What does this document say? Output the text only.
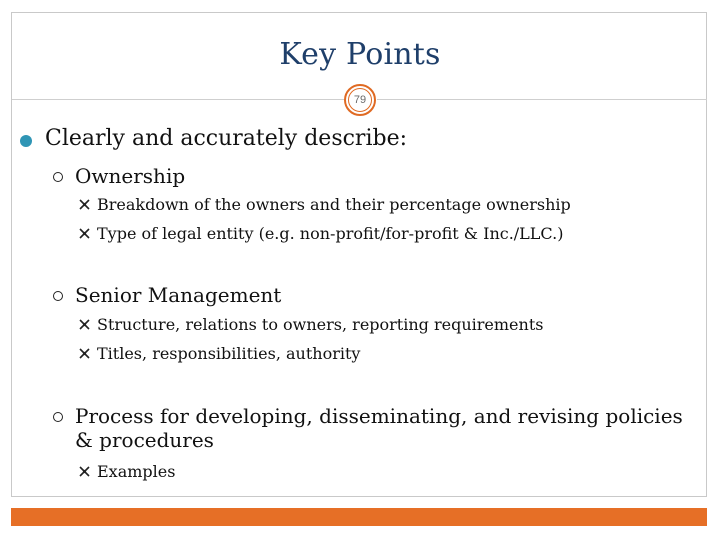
Key Points
79
Clearly and accurately describe:
Ownership
Breakdown of the owners and their percentage ownership
Type of legal entity (e.g. non-profit/for-profit & Inc./LLC.)
Senior Management
Structure, relations to owners, reporting requirements
Titles, responsibilities, authority
Process for developing, disseminating, and revising policies & procedures
Examples
